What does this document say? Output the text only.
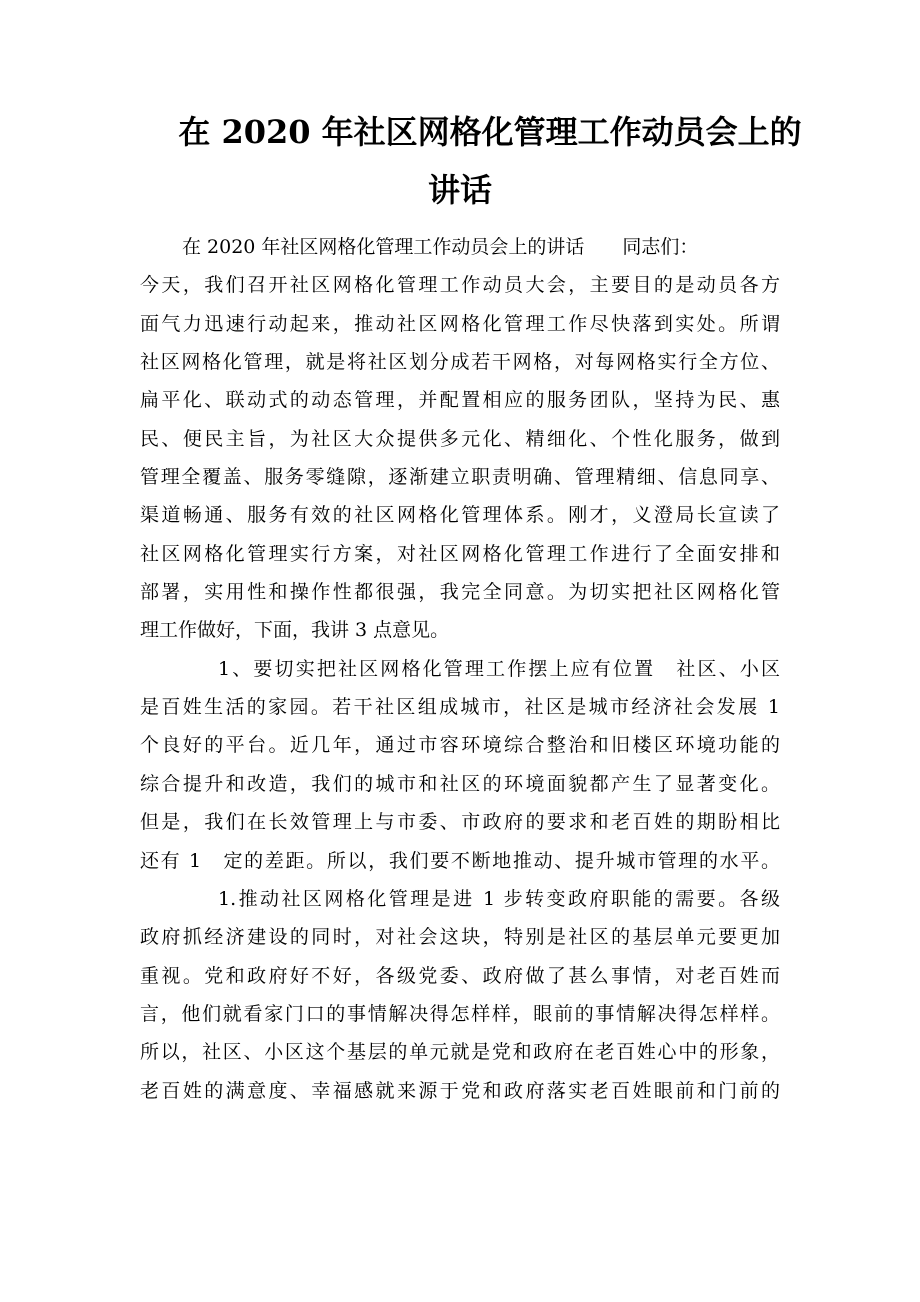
在 2020 年社区网格化管理工作动员会上的
讲话
在 2020 年社区网格化管理工作动员会上的讲话　　同志们：
今天，我们召开社区网格化管理工作动员大会，主要目的是动员各方
面气力迅速行动起来，推动社区网格化管理工作尽快落到实处。所谓
社区网格化管理，就是将社区划分成若干网格，对每网格实行全方位、
扁平化、联动式的动态管理，并配置相应的服务团队，坚持为民、惠
民、便民主旨，为社区大众提供多元化、精细化、个性化服务，做到
管理全覆盖、服务零缝隙，逐渐建立职责明确、管理精细、信息同享、
渠道畅通、服务有效的社区网格化管理体系。刚才，义澄局长宣读了
社区网格化管理实行方案，对社区网格化管理工作进行了全面安排和
部署，实用性和操作性都很强，我完全同意。为切实把社区网格化管
理工作做好，下面，我讲 3 点意见。
1、要切实把社区网格化管理工作摆上应有位置　社区、小区
是百姓生活的家园。若干社区组成城市，社区是城市经济社会发展 1
个良好的平台。近几年，通过市容环境综合整治和旧楼区环境功能的
综合提升和改造，我们的城市和社区的环境面貌都产生了显著变化。
但是，我们在长效管理上与市委、市政府的要求和老百姓的期盼相比
还有 1　定的差距。所以，我们要不断地推动、提升城市管理的水平。
1.推动社区网格化管理是进 1 步转变政府职能的需要。各级
政府抓经济建设的同时，对社会这块，特别是社区的基层单元要更加
重视。党和政府好不好，各级党委、政府做了甚么事情，对老百姓而
言，他们就看家门口的事情解决得怎样样，眼前的事情解决得怎样样。
所以，社区、小区这个基层的单元就是党和政府在老百姓心中的形象，
老百姓的满意度、幸福感就来源于党和政府落实老百姓眼前和门前的
